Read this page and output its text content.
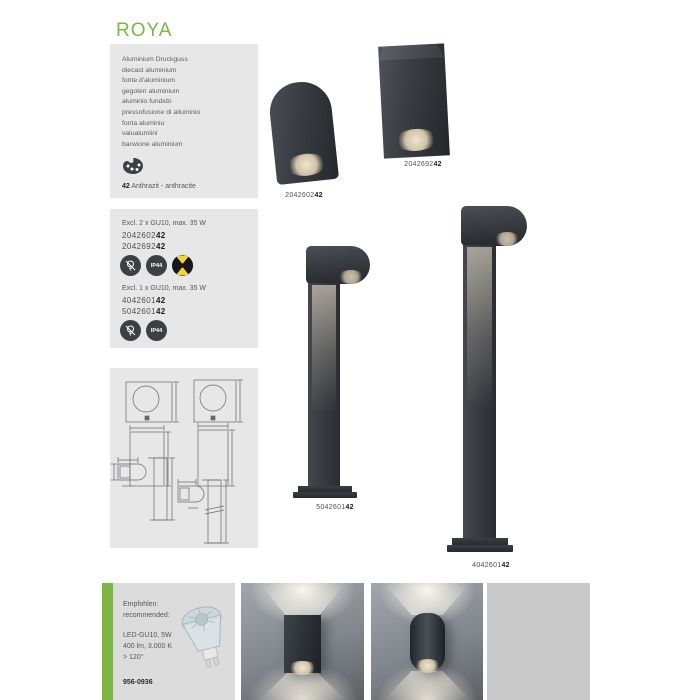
ROYA
Aluminium Druckguss
diecast aluminium
fonte d'aluminium
gegoten aluminium
aluminio fundido
pressofusione di alluminio
fonta aluminiu
valualumiini
barwione aluminium
42 Anthrazit - anthracite
Excl. 2 x GU10, max. 35 W
204260242
204269242
IP44
Excl. 1 x GU10, max. 35 W
404260142
504260142
IP44
204260242
204269242
504260142
404260142
Empfohlen:
recommended:
LED-GU10, 5W
400 lm, 3.000 K
> 120°
956-0936
